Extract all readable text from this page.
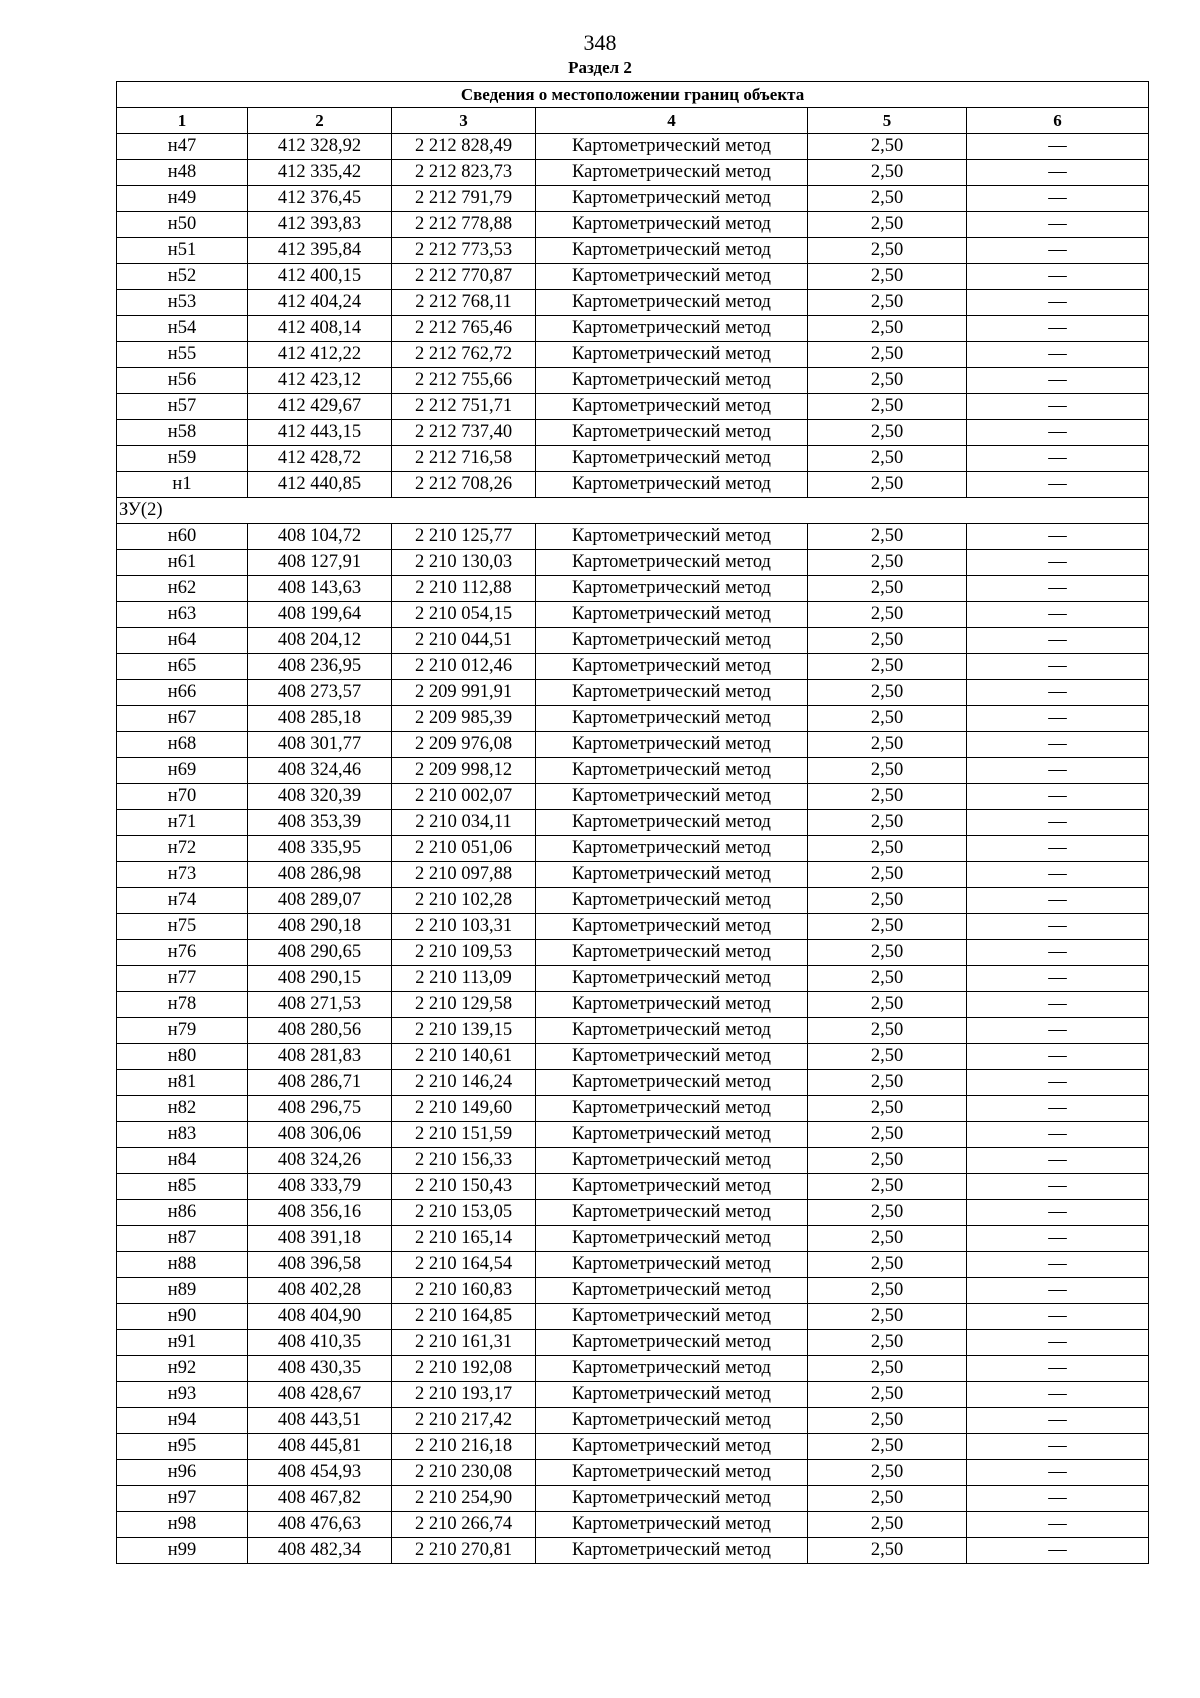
348
Раздел 2
Сведения о местоположении границ объекта					
1	2	3	4	5	6
н47	412 328,92	2 212 828,49	Картометрический метод	2,50	—
н48	412 335,42	2 212 823,73	Картометрический метод	2,50	—
н49	412 376,45	2 212 791,79	Картометрический метод	2,50	—
н50	412 393,83	2 212 778,88	Картометрический метод	2,50	—
н51	412 395,84	2 212 773,53	Картометрический метод	2,50	—
н52	412 400,15	2 212 770,87	Картометрический метод	2,50	—
н53	412 404,24	2 212 768,11	Картометрический метод	2,50	—
н54	412 408,14	2 212 765,46	Картометрический метод	2,50	—
н55	412 412,22	2 212 762,72	Картометрический метод	2,50	—
н56	412 423,12	2 212 755,66	Картометрический метод	2,50	—
н57	412 429,67	2 212 751,71	Картометрический метод	2,50	—
н58	412 443,15	2 212 737,40	Картометрический метод	2,50	—
н59	412 428,72	2 212 716,58	Картометрический метод	2,50	—
н1	412 440,85	2 212 708,26	Картометрический метод	2,50	—
ЗУ(2)					
н60	408 104,72	2 210 125,77	Картометрический метод	2,50	—
н61	408 127,91	2 210 130,03	Картометрический метод	2,50	—
н62	408 143,63	2 210 112,88	Картометрический метод	2,50	—
н63	408 199,64	2 210 054,15	Картометрический метод	2,50	—
н64	408 204,12	2 210 044,51	Картометрический метод	2,50	—
н65	408 236,95	2 210 012,46	Картометрический метод	2,50	—
н66	408 273,57	2 209 991,91	Картометрический метод	2,50	—
н67	408 285,18	2 209 985,39	Картометрический метод	2,50	—
н68	408 301,77	2 209 976,08	Картометрический метод	2,50	—
н69	408 324,46	2 209 998,12	Картометрический метод	2,50	—
н70	408 320,39	2 210 002,07	Картометрический метод	2,50	—
н71	408 353,39	2 210 034,11	Картометрический метод	2,50	—
н72	408 335,95	2 210 051,06	Картометрический метод	2,50	—
н73	408 286,98	2 210 097,88	Картометрический метод	2,50	—
н74	408 289,07	2 210 102,28	Картометрический метод	2,50	—
н75	408 290,18	2 210 103,31	Картометрический метод	2,50	—
н76	408 290,65	2 210 109,53	Картометрический метод	2,50	—
н77	408 290,15	2 210 113,09	Картометрический метод	2,50	—
н78	408 271,53	2 210 129,58	Картометрический метод	2,50	—
н79	408 280,56	2 210 139,15	Картометрический метод	2,50	—
н80	408 281,83	2 210 140,61	Картометрический метод	2,50	—
н81	408 286,71	2 210 146,24	Картометрический метод	2,50	—
н82	408 296,75	2 210 149,60	Картометрический метод	2,50	—
н83	408 306,06	2 210 151,59	Картометрический метод	2,50	—
н84	408 324,26	2 210 156,33	Картометрический метод	2,50	—
н85	408 333,79	2 210 150,43	Картометрический метод	2,50	—
н86	408 356,16	2 210 153,05	Картометрический метод	2,50	—
н87	408 391,18	2 210 165,14	Картометрический метод	2,50	—
н88	408 396,58	2 210 164,54	Картометрический метод	2,50	—
н89	408 402,28	2 210 160,83	Картометрический метод	2,50	—
н90	408 404,90	2 210 164,85	Картометрический метод	2,50	—
н91	408 410,35	2 210 161,31	Картометрический метод	2,50	—
н92	408 430,35	2 210 192,08	Картометрический метод	2,50	—
н93	408 428,67	2 210 193,17	Картометрический метод	2,50	—
н94	408 443,51	2 210 217,42	Картометрический метод	2,50	—
н95	408 445,81	2 210 216,18	Картометрический метод	2,50	—
н96	408 454,93	2 210 230,08	Картометрический метод	2,50	—
н97	408 467,82	2 210 254,90	Картометрический метод	2,50	—
н98	408 476,63	2 210 266,74	Картометрический метод	2,50	—
н99	408 482,34	2 210 270,81	Картометрический метод	2,50	—
